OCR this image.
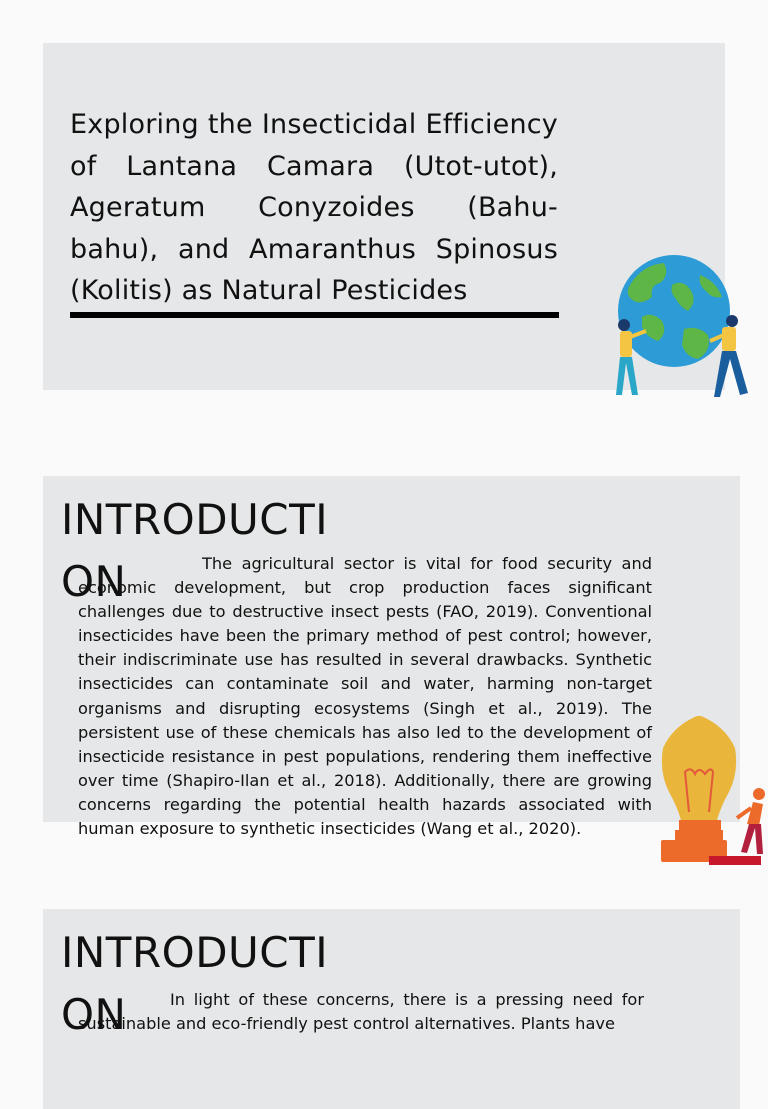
Exploring the Insecticidal Efficiency of Lantana Camara (Utot-utot), Ageratum Conyzoides (Bahu-bahu), and Amaranthus Spinosus (Kolitis) as Natural Pesticides
INTRODUCTION	The agricultural sector is vital for food security and economic development, but crop production faces significant challenges due to destructive insect pests (FAO, 2019). Conventional insecticides have been the primary method of pest control; however, their indiscriminate use has resulted in several drawbacks. Synthetic insecticides can contaminate soil and water, harming non-target organisms and disrupting ecosystems (Singh et al., 2019). The persistent use of these chemicals has also led to the development of insecticide resistance in pest populations, rendering them ineffective over time (Shapiro-Ilan et al., 2018). Additionally, there are growing concerns regarding the potential health hazards associated with human exposure to synthetic insecticides (Wang et al., 2020).

INTRODUCTION	In light of these concerns, there is a pressing need for sustainable and eco-friendly pest control alternatives. Plants have
